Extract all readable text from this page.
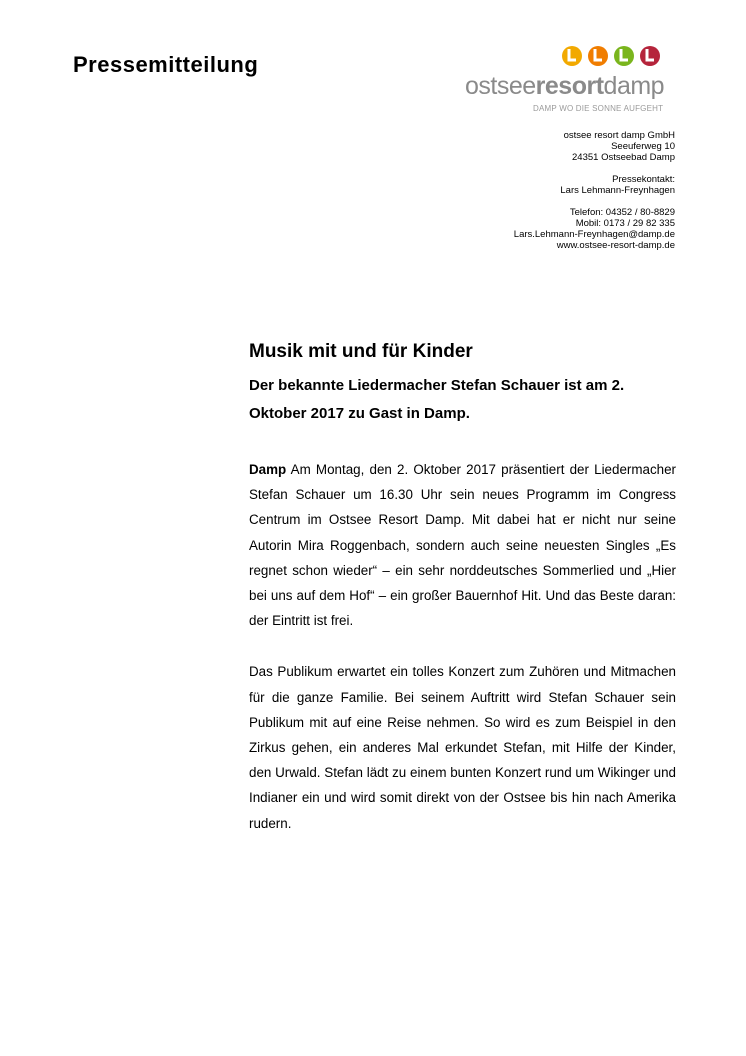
Pressemitteilung
ostseeresortdamp
DAMP WO DIE SONNE AUFGEHT
ostsee resort damp GmbH
Seeuferweg 10
24351 Ostseebad Damp
Pressekontakt:
Lars Lehmann-Freynhagen
Telefon: 04352 / 80-8829
Mobil: 0173 / 29 82 335
Lars.Lehmann-Freynhagen@damp.de
www.ostsee-resort-damp.de
Musik mit und für Kinder

Der bekannte Liedermacher Stefan Schauer ist am 2. Oktober 2017 zu Gast in Damp.

Damp Am Montag, den 2. Oktober 2017 präsentiert der Liedermacher Stefan Schauer um 16.30 Uhr sein neues Programm im Congress Centrum im Ostsee Resort Damp. Mit dabei hat er nicht nur seine Autorin Mira Roggenbach, sondern auch seine neuesten Singles „Es regnet schon wieder“ – ein sehr norddeutsches Sommerlied und „Hier bei uns auf dem Hof“ – ein großer Bauernhof Hit. Und das Beste daran: der Eintritt ist frei.

Das Publikum erwartet ein tolles Konzert zum Zuhören und Mitmachen für die ganze Familie. Bei seinem Auftritt wird Stefan Schauer sein Publikum mit auf eine Reise nehmen. So wird es zum Beispiel in den Zirkus gehen, ein anderes Mal erkundet Stefan, mit Hilfe der Kinder, den Urwald. Stefan lädt zu einem bunten Konzert rund um Wikinger und Indianer ein und wird somit direkt von der Ostsee bis hin nach Amerika rudern.
